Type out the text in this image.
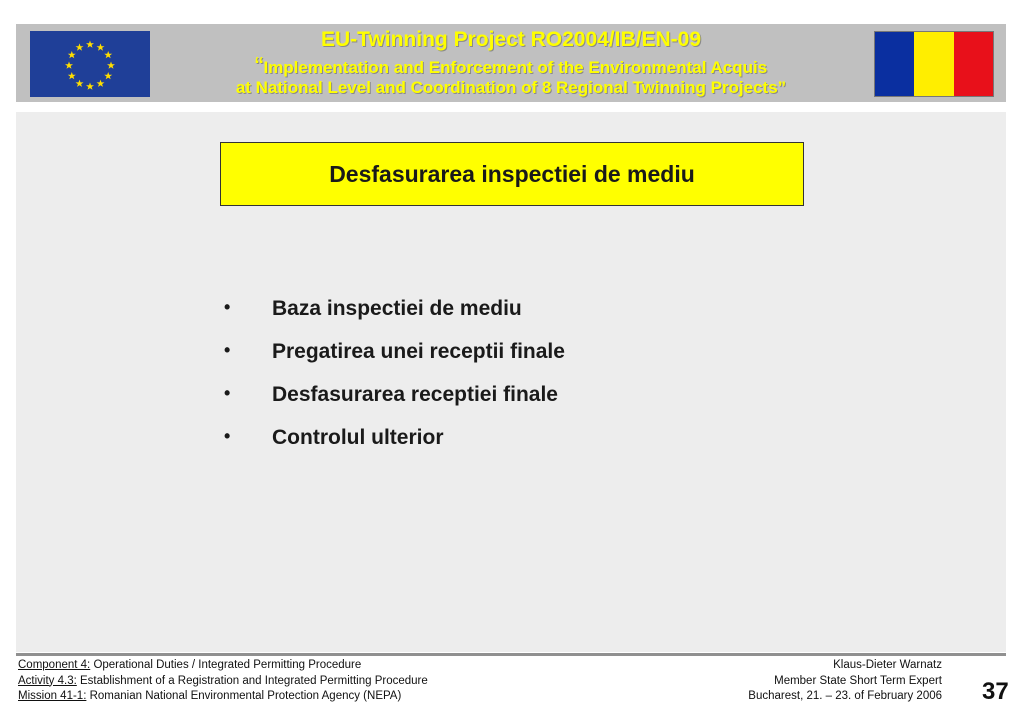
EU-Twinning Project RO2004/IB/EN-09
“Implementation and Enforcement of the Environmental Acquis
at National Level and Coordination of 8 Regional Twinning Projects”
Desfasurarea inspectiei de mediu
•	Baza inspectiei de mediu
•	Pregatirea unei receptii finale
•	Desfasurarea receptiei finale
•	Controlul ulterior
Component 4: Operational Duties / Integrated Permitting Procedure
Activity 4.3: Establishment of a Registration and Integrated Permitting Procedure
Mission 41-1: Romanian National Environmental Protection Agency (NEPA)
Klaus-Dieter Warnatz
Member State Short Term Expert
Bucharest, 21. – 23. of February 2006 37
